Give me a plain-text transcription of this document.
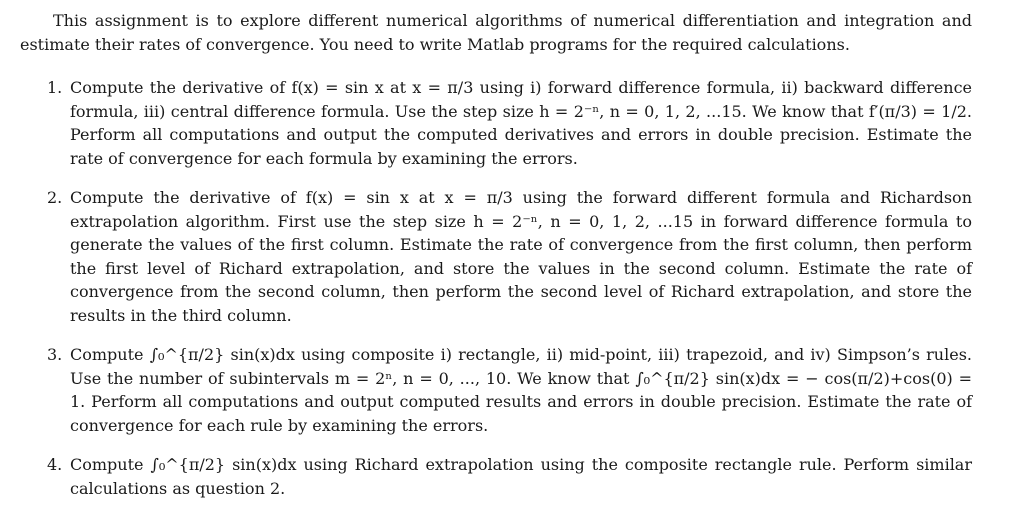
This assignment is to explore different numerical algorithms of numerical differentiation and integration and estimate their rates of convergence. You need to write Matlab programs for the required calculations.

1. Compute the derivative of f(x) = sin x at x = π/3 using i) forward difference formula, ii) backward difference formula, iii) central difference formula. Use the step size h = 2⁻ⁿ, n = 0, 1, 2, ...15. We know that f′(π/3) = 1/2. Perform all computations and output the computed derivatives and errors in double precision. Estimate the rate of convergence for each formula by examining the errors.
2. Compute the derivative of f(x) = sin x at x = π/3 using the forward different formula and Richardson extrapolation algorithm. First use the step size h = 2⁻ⁿ, n = 0, 1, 2, ...15 in forward difference formula to generate the values of the first column. Estimate the rate of convergence from the first column, then perform the first level of Richard extrapolation, and store the values in the second column. Estimate the rate of convergence from the second column, then perform the second level of Richard extrapolation, and store the results in the third column.
3. Compute ∫₀^{π/2} sin(x)dx using composite i) rectangle, ii) mid-point, iii) trapezoid, and iv) Simpson’s rules. Use the number of subintervals m = 2ⁿ, n = 0, ..., 10. We know that ∫₀^{π/2} sin(x)dx = − cos(π/2)+cos(0) = 1. Perform all computations and output computed results and errors in double precision. Estimate the rate of convergence for each rule by examining the errors.
4. Compute ∫₀^{π/2} sin(x)dx using Richard extrapolation using the composite rectangle rule. Perform similar calculations as question 2.
